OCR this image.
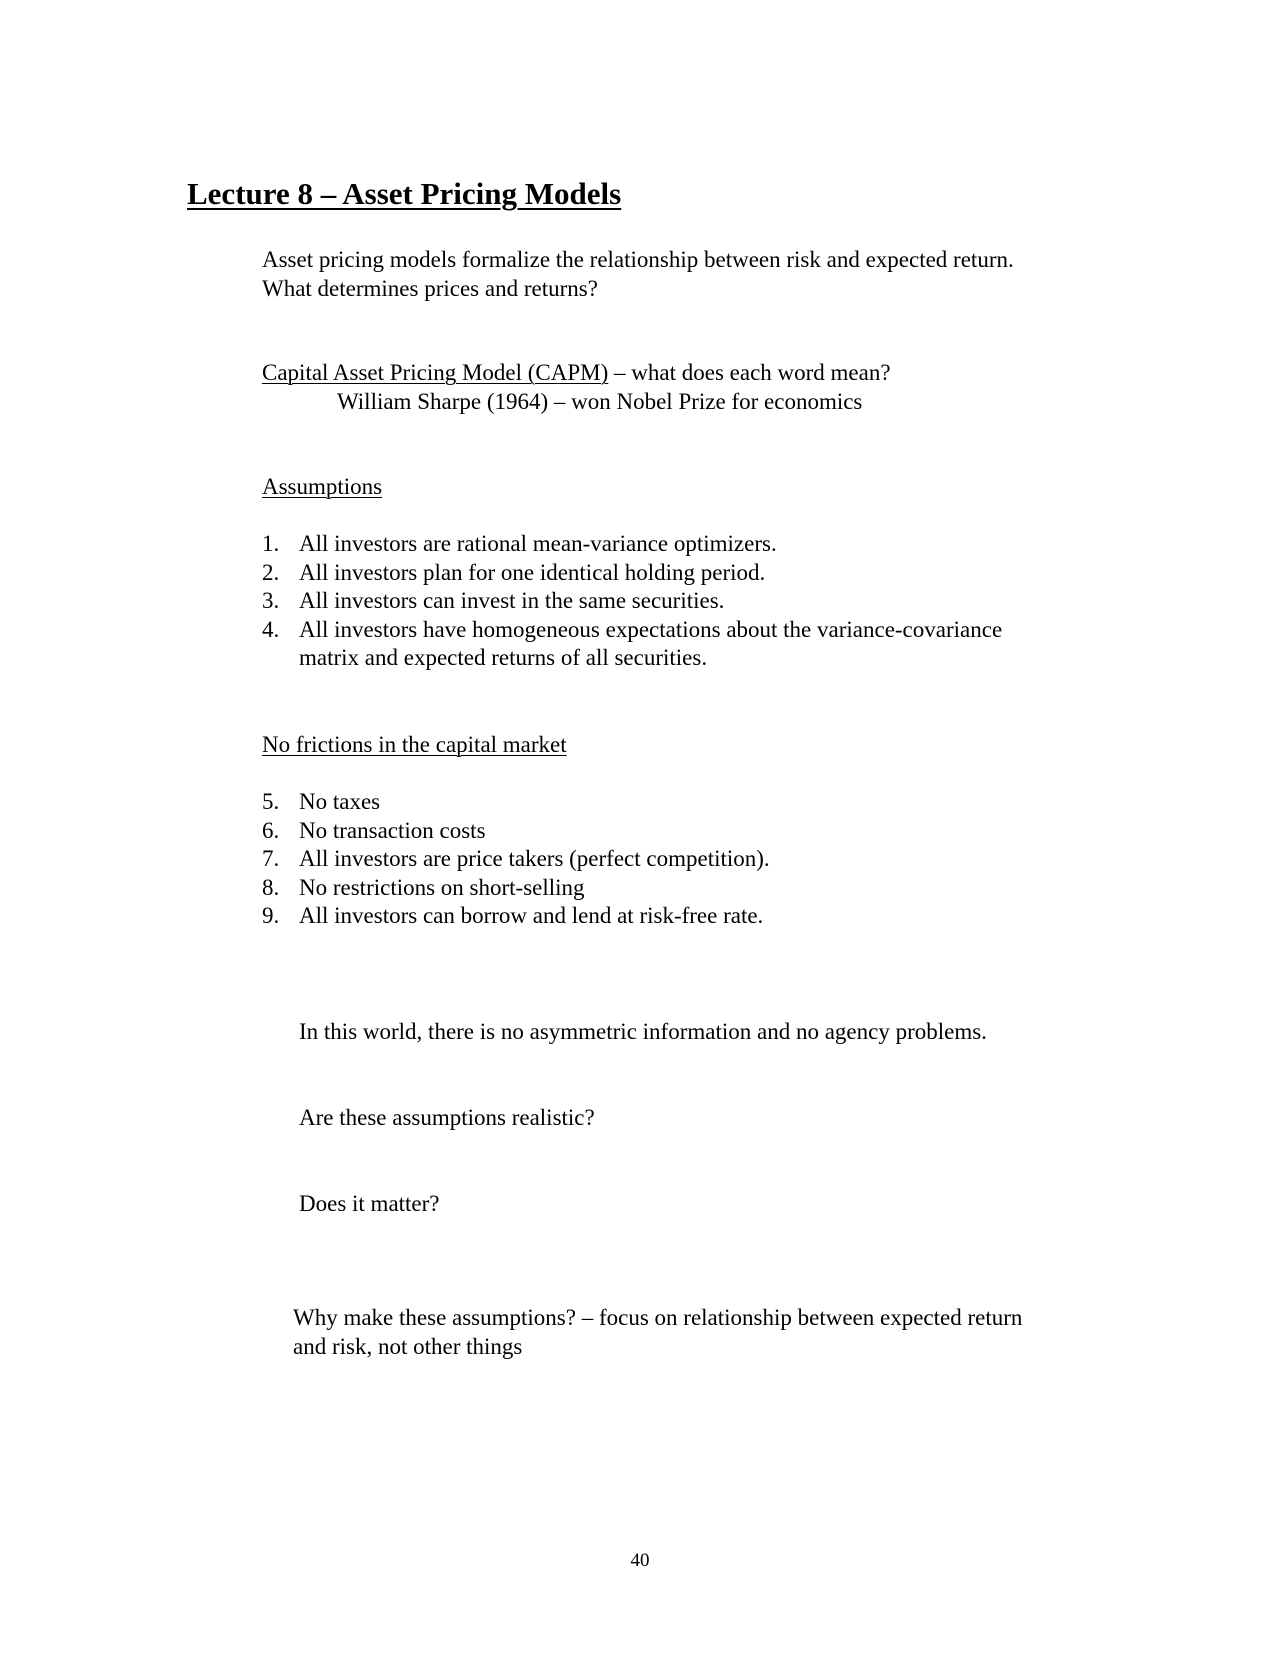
Lecture 8 – Asset Pricing Models
Asset pricing models formalize the relationship between risk and expected return.
What determines prices and returns?
Capital Asset Pricing Model (CAPM) – what does each word mean?
William Sharpe (1964) – won Nobel Prize for economics
Assumptions
1. All investors are rational mean-variance optimizers.
2. All investors plan for one identical holding period.
3. All investors can invest in the same securities.
4. All investors have homogeneous expectations about the variance-covariance
matrix and expected returns of all securities.
No frictions in the capital market
5. No taxes
6. No transaction costs
7. All investors are price takers (perfect competition).
8. No restrictions on short-selling
9. All investors can borrow and lend at risk-free rate.
In this world, there is no asymmetric information and no agency problems.
Are these assumptions realistic?
Does it matter?
Why make these assumptions? – focus on relationship between expected return
and risk, not other things
40
